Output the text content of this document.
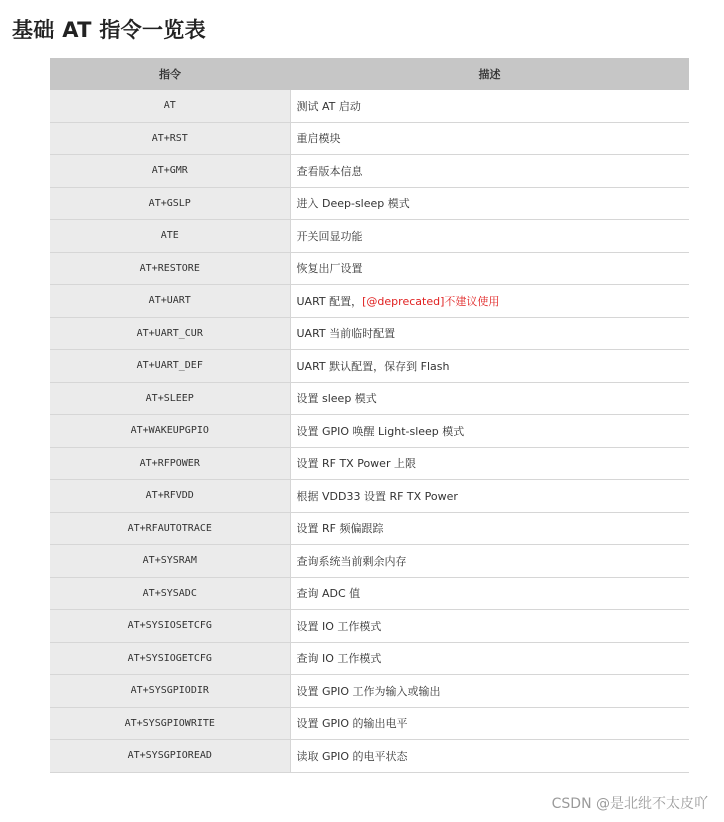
基础 AT 指令一览表
指令	描述
AT	测试 AT 启动
AT+RST	重启模块
AT+GMR	查看版本信息
AT+GSLP	进入 Deep-sleep 模式
ATE	开关回显功能
AT+RESTORE	恢复出厂设置
AT+UART	UART 配置，[@deprecated]不建议使用
AT+UART_CUR	UART 当前临时配置
AT+UART_DEF	UART 默认配置，保存到 Flash
AT+SLEEP	设置 sleep 模式
AT+WAKEUPGPIO	设置 GPIO 唤醒 Light-sleep 模式
AT+RFPOWER	设置 RF TX Power 上限
AT+RFVDD	根据 VDD33 设置 RF TX Power
AT+RFAUTOTRACE	设置 RF 频偏跟踪
AT+SYSRAM	查询系统当前剩余内存
AT+SYSADC	查询 ADC 值
AT+SYSIOSETCFG	设置 IO 工作模式
AT+SYSIOGETCFG	查询 IO 工作模式
AT+SYSGPIODIR	设置 GPIO 工作为输入或输出
AT+SYSGPIOWRITE	设置 GPIO 的输出电平
AT+SYSGPIOREAD	读取 GPIO 的电平状态
CSDN @是北纰不太皮吖
